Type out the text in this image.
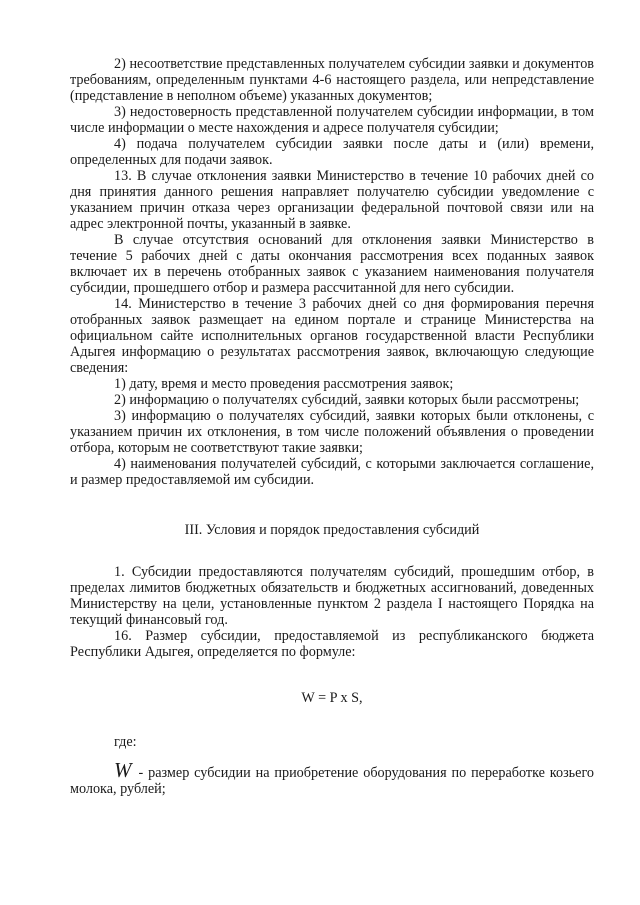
2) несоответствие представленных получателем субсидии заявки и документов требованиям, определенным пунктами 4-6 настоящего раздела, или непредставление (представление в неполном объеме) указанных документов;

3) недостоверность представленной получателем субсидии информации, в том числе информации о месте нахождения и адресе получателя субсидии;

4) подача получателем субсидии заявки после даты и (или) времени, определенных для подачи заявок.

13. В случае отклонения заявки Министерство в течение 10 рабочих дней со дня принятия данного решения направляет получателю субсидии уведомление с указанием причин отказа через организации федеральной почтовой связи или на адрес электронной почты, указанный в заявке.

В случае отсутствия оснований для отклонения заявки Министерство в течение 5 рабочих дней с даты окончания рассмотрения всех поданных заявок включает их в перечень отобранных заявок с указанием наименования получателя субсидии, прошедшего отбор и размера рассчитанной для него субсидии.

14. Министерство в течение 3 рабочих дней со дня формирования перечня отобранных заявок размещает на едином портале и странице Министерства на официальном сайте исполнительных органов государственной власти Республики Адыгея информацию о результатах рассмотрения заявок, включающую следующие сведения:

1) дату, время и место проведения рассмотрения заявок;

2) информацию о получателях субсидий, заявки которых были рассмотрены;

3) информацию о получателях субсидий, заявки которых были отклонены, с указанием причин их отклонения, в том числе положений объявления о проведении отбора, которым не соответствуют такие заявки;

4) наименования получателей субсидий, с которыми заключается соглашение, и размер предоставляемой им субсидии.

III. Условия и порядок предоставления субсидий

1. Субсидии предоставляются получателям субсидий, прошедшим отбор, в пределах лимитов бюджетных обязательств и бюджетных ассигнований, доведенных Министерству на цели, установленные пунктом 2 раздела I настоящего Порядка на текущий финансовый год.

16. Размер субсидии, предоставляемой из республиканского бюджета Республики Адыгея, определяется по формуле:

W = P x S,
где:

W - размер субсидии на приобретение оборудования по переработке козьего молока, рублей;
